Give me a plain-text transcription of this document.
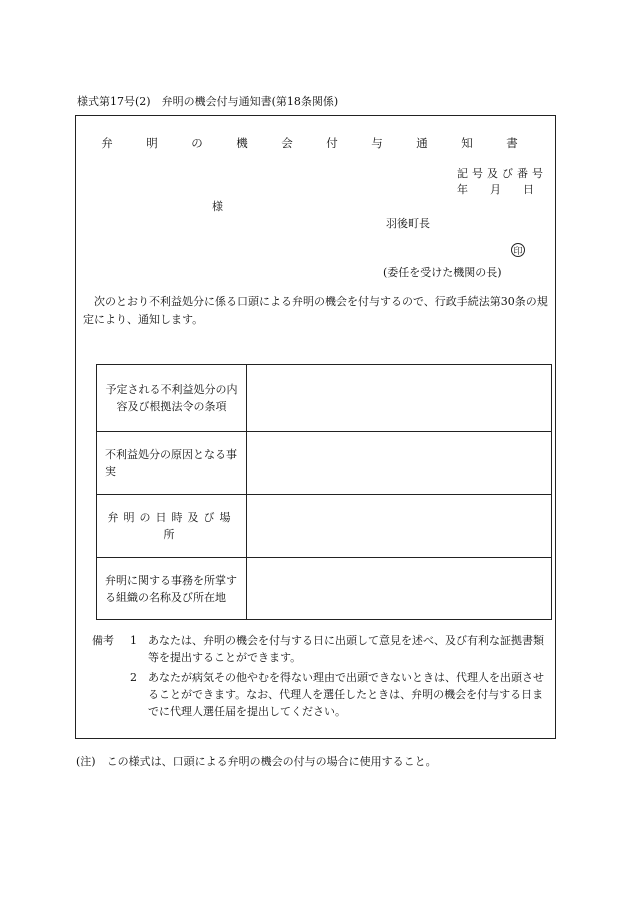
様式第17号(2)　弁明の機会付与通知書(第18条関係)
弁　明　の　機　会　付　与　通　知　書
記号及び番号
年 月 日
様
羽後町長
印
(委任を受けた機関の長)
次のとおり不利益処分に係る口頭による弁明の機会を付与するので、行政手続法第30条の規定により、通知します。
予定される不利益処分の内容及び根拠法令の条項	
不利益処分の原因となる事実	
弁明の日時及び場所	
弁明に関する事務を所掌する組織の名称及び所在地	
備考	1	あなたは、弁明の機会を付与する日に出頭して意見を述べ、及び有利な証拠書類等を提出することができます。
2	あなたが病気その他やむを得ない理由で出頭できないときは、代理人を出頭させることができます。なお、代理人を選任したときは、弁明の機会を付与する日までに代理人選任届を提出してください。
(注)　この様式は、口頭による弁明の機会の付与の場合に使用すること。
